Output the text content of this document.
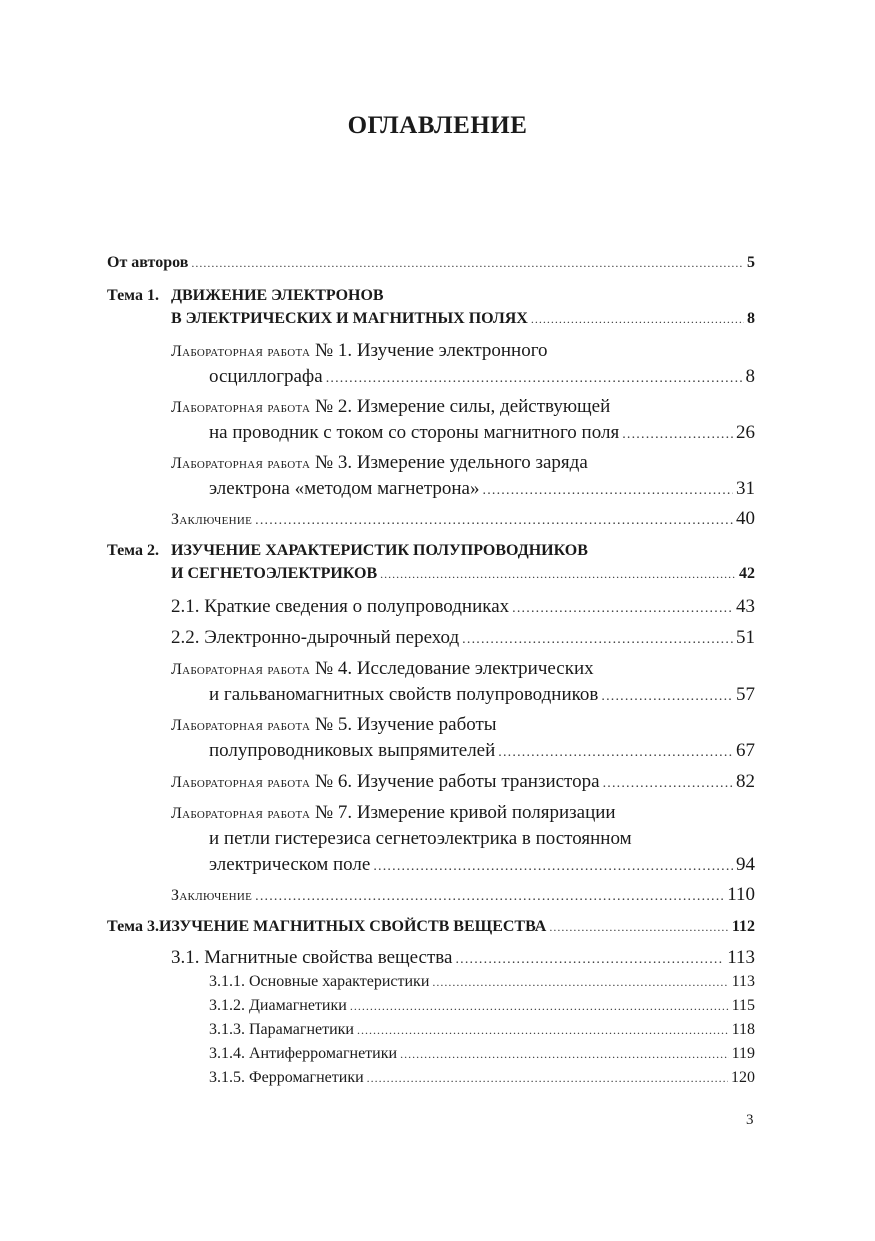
ОГЛАВЛЕНИЕ
От авторов .....	5
Тема 1. ДВИЖЕНИЕ ЭЛЕКТРОНОВ
В ЭЛЕКТРИЧЕСКИХ И МАГНИТНЫХ ПОЛЯХ .....	8
Лабораторная работа
№ 1. Изучение электронного
осциллографа .....	8
Лабораторная работа
№ 2. Измерение силы, действующей
на проводник с током со стороны магнитного поля .....	26
Лабораторная работа
№ 3. Измерение удельного заряда
электрона «методом магнетрона» .....	31
Заключение .....	40
Тема 2. ИЗУЧЕНИЕ ХАРАКТЕРИСТИК ПОЛУПРОВОДНИКОВ
И СЕГНЕТОЭЛЕКТРИКОВ .....	42
2.1. Краткие сведения о полупроводниках .....	43
2.2. Электронно-дырочный переход .....	51
Лабораторная работа
№ 4. Исследование электрических
и гальваномагнитных свойств полупроводников .....	57
Лабораторная работа
№ 5. Изучение работы
полупроводниковых выпрямителей .....	67
Лабораторная работа
№ 6. Изучение работы транзистора .....	82
Лабораторная работа
№ 7. Измерение кривой поляризации
и петли гистерезиса сегнетоэлектрика в постоянном
электрическом поле .....	94
Заключение .....	110
Тема 3. ИЗУЧЕНИЕ МАГНИТНЫХ СВОЙСТВ ВЕЩЕСТВА .....	112
3.1. Магнитные свойства вещества .....	113
3.1.1. Основные характеристики .....	113
3.1.2. Диамагнетики .....	115
3.1.3. Парамагнетики .....	118
3.1.4. Антиферромагнетики .....	119
3.1.5. Ферромагнетики .....	120
3
